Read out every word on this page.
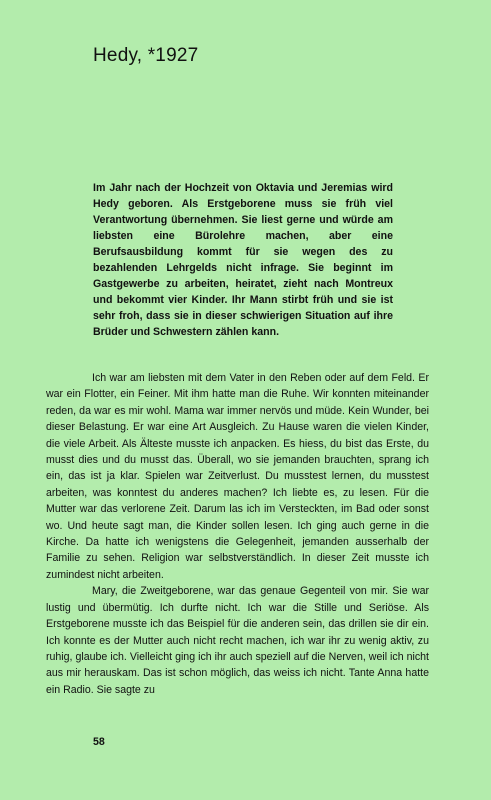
Hedy, *1927

Im Jahr nach der Hochzeit von Oktavia und Jeremias wird Hedy geboren. Als Erstgeborene muss sie früh viel Verantwortung übernehmen. Sie liest gerne und würde am liebsten eine Bürolehre machen, aber eine Berufsausbildung kommt für sie wegen des zu bezahlenden Lehrgelds nicht infrage. Sie beginnt im Gastgewerbe zu arbeiten, heiratet, zieht nach Montreux und bekommt vier Kinder. Ihr Mann stirbt früh und sie ist sehr froh, dass sie in dieser schwierigen Situation auf ihre Brüder und Schwestern zählen kann.

Ich war am liebsten mit dem Vater in den Reben oder auf dem Feld. Er war ein Flotter, ein Feiner. Mit ihm hatte man die Ruhe. Wir konnten miteinander reden, da war es mir wohl. Mama war immer nervös und müde. Kein Wunder, bei dieser Belastung. Er war eine Art Ausgleich. Zu Hause waren die vielen Kinder, die viele Arbeit. Als Älteste musste ich anpacken. Es hiess, du bist das Erste, du musst dies und du musst das. Überall, wo sie jemanden brauchten, sprang ich ein, das ist ja klar. Spielen war Zeitverlust. Du musstest lernen, du musstest arbeiten, was konntest du anderes machen? Ich liebte es, zu lesen. Für die Mutter war das verlorene Zeit. Darum las ich im Versteckten, im Bad oder sonst wo. Und heute sagt man, die Kinder sollen lesen. Ich ging auch gerne in die Kirche. Da hatte ich wenigstens die Gelegenheit, jemanden ausserhalb der Familie zu sehen. Religion war selbstverständlich. In dieser Zeit musste ich zumindest nicht arbeiten.

Mary, die Zweitgeborene, war das genaue Gegenteil von mir. Sie war lustig und übermütig. Ich durfte nicht. Ich war die Stille und Seriöse. Als Erstgeborene musste ich das Beispiel für die anderen sein, das drillen sie dir ein. Ich konnte es der Mutter auch nicht recht machen, ich war ihr zu wenig aktiv, zu ruhig, glaube ich. Vielleicht ging ich ihr auch speziell auf die Nerven, weil ich nicht aus mir herauskam. Das ist schon möglich, das weiss ich nicht. Tante Anna hatte ein Radio. Sie sagte zu

58
